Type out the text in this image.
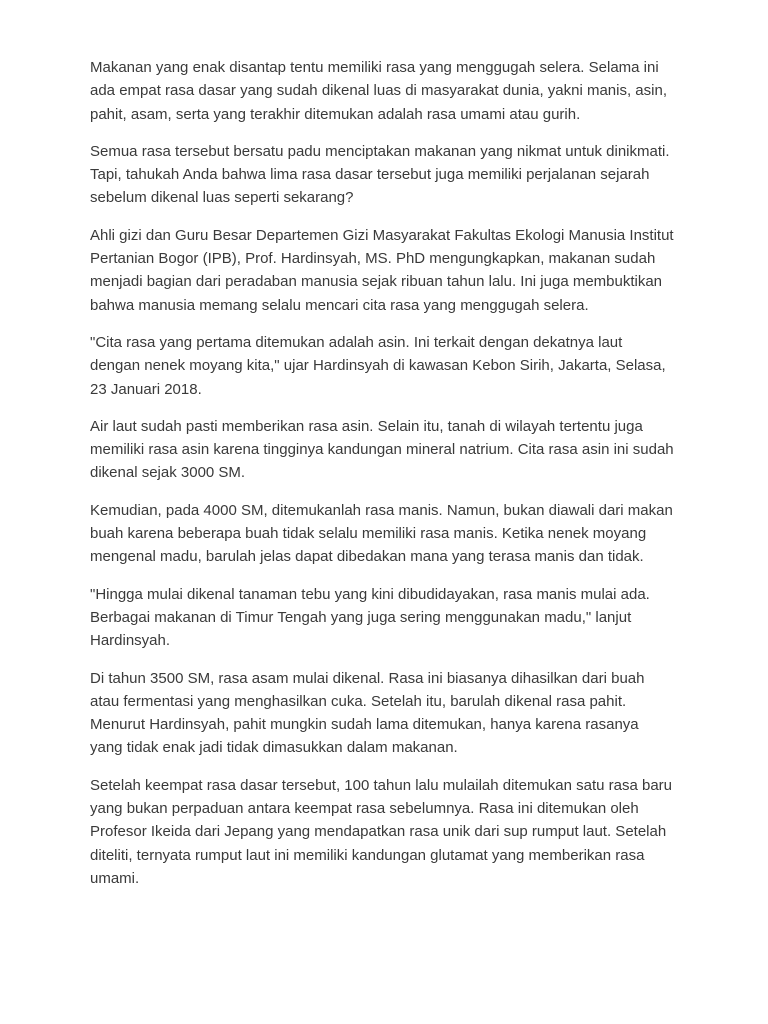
Makanan yang enak disantap tentu memiliki rasa yang menggugah selera. Selama ini
ada empat rasa dasar yang sudah dikenal luas di masyarakat dunia, yakni manis, asin,
pahit, asam, serta yang terakhir ditemukan adalah rasa umami atau gurih.

Semua rasa tersebut bersatu padu menciptakan makanan yang nikmat untuk dinikmati.
Tapi, tahukah Anda bahwa lima rasa dasar tersebut juga memiliki perjalanan sejarah
sebelum dikenal luas seperti sekarang?

Ahli gizi dan Guru Besar Departemen Gizi Masyarakat Fakultas Ekologi Manusia Institut
Pertanian Bogor (IPB), Prof. Hardinsyah, MS. PhD mengungkapkan, makanan sudah
menjadi bagian dari peradaban manusia sejak ribuan tahun lalu. Ini juga membuktikan
bahwa manusia memang selalu mencari cita rasa yang menggugah selera.

"Cita rasa yang pertama ditemukan adalah asin. Ini terkait dengan dekatnya laut
dengan nenek moyang kita," ujar Hardinsyah di kawasan Kebon Sirih, Jakarta, Selasa,
23 Januari 2018.

Air laut sudah pasti memberikan rasa asin. Selain itu, tanah di wilayah tertentu juga
memiliki rasa asin karena tingginya kandungan mineral natrium. Cita rasa asin ini sudah
dikenal sejak 3000 SM.

Kemudian, pada 4000 SM, ditemukanlah rasa manis. Namun, bukan diawali dari makan
buah karena beberapa buah tidak selalu memiliki rasa manis. Ketika nenek moyang
mengenal madu, barulah jelas dapat dibedakan mana yang terasa manis dan tidak.

"Hingga mulai dikenal tanaman tebu yang kini dibudidayakan, rasa manis mulai ada.
Berbagai makanan di Timur Tengah yang juga sering menggunakan madu," lanjut
Hardinsyah.

Di tahun 3500 SM, rasa asam mulai dikenal. Rasa ini biasanya dihasilkan dari buah
atau fermentasi yang menghasilkan cuka. Setelah itu, barulah dikenal rasa pahit.
Menurut Hardinsyah, pahit mungkin sudah lama ditemukan, hanya karena rasanya
yang tidak enak jadi tidak dimasukkan dalam makanan.

Setelah keempat rasa dasar tersebut, 100 tahun lalu mulailah ditemukan satu rasa baru
yang bukan perpaduan antara keempat rasa sebelumnya. Rasa ini ditemukan oleh
Profesor Ikeida dari Jepang yang mendapatkan rasa unik dari sup rumput laut. Setelah
diteliti, ternyata rumput laut ini memiliki kandungan glutamat yang memberikan rasa
umami.
